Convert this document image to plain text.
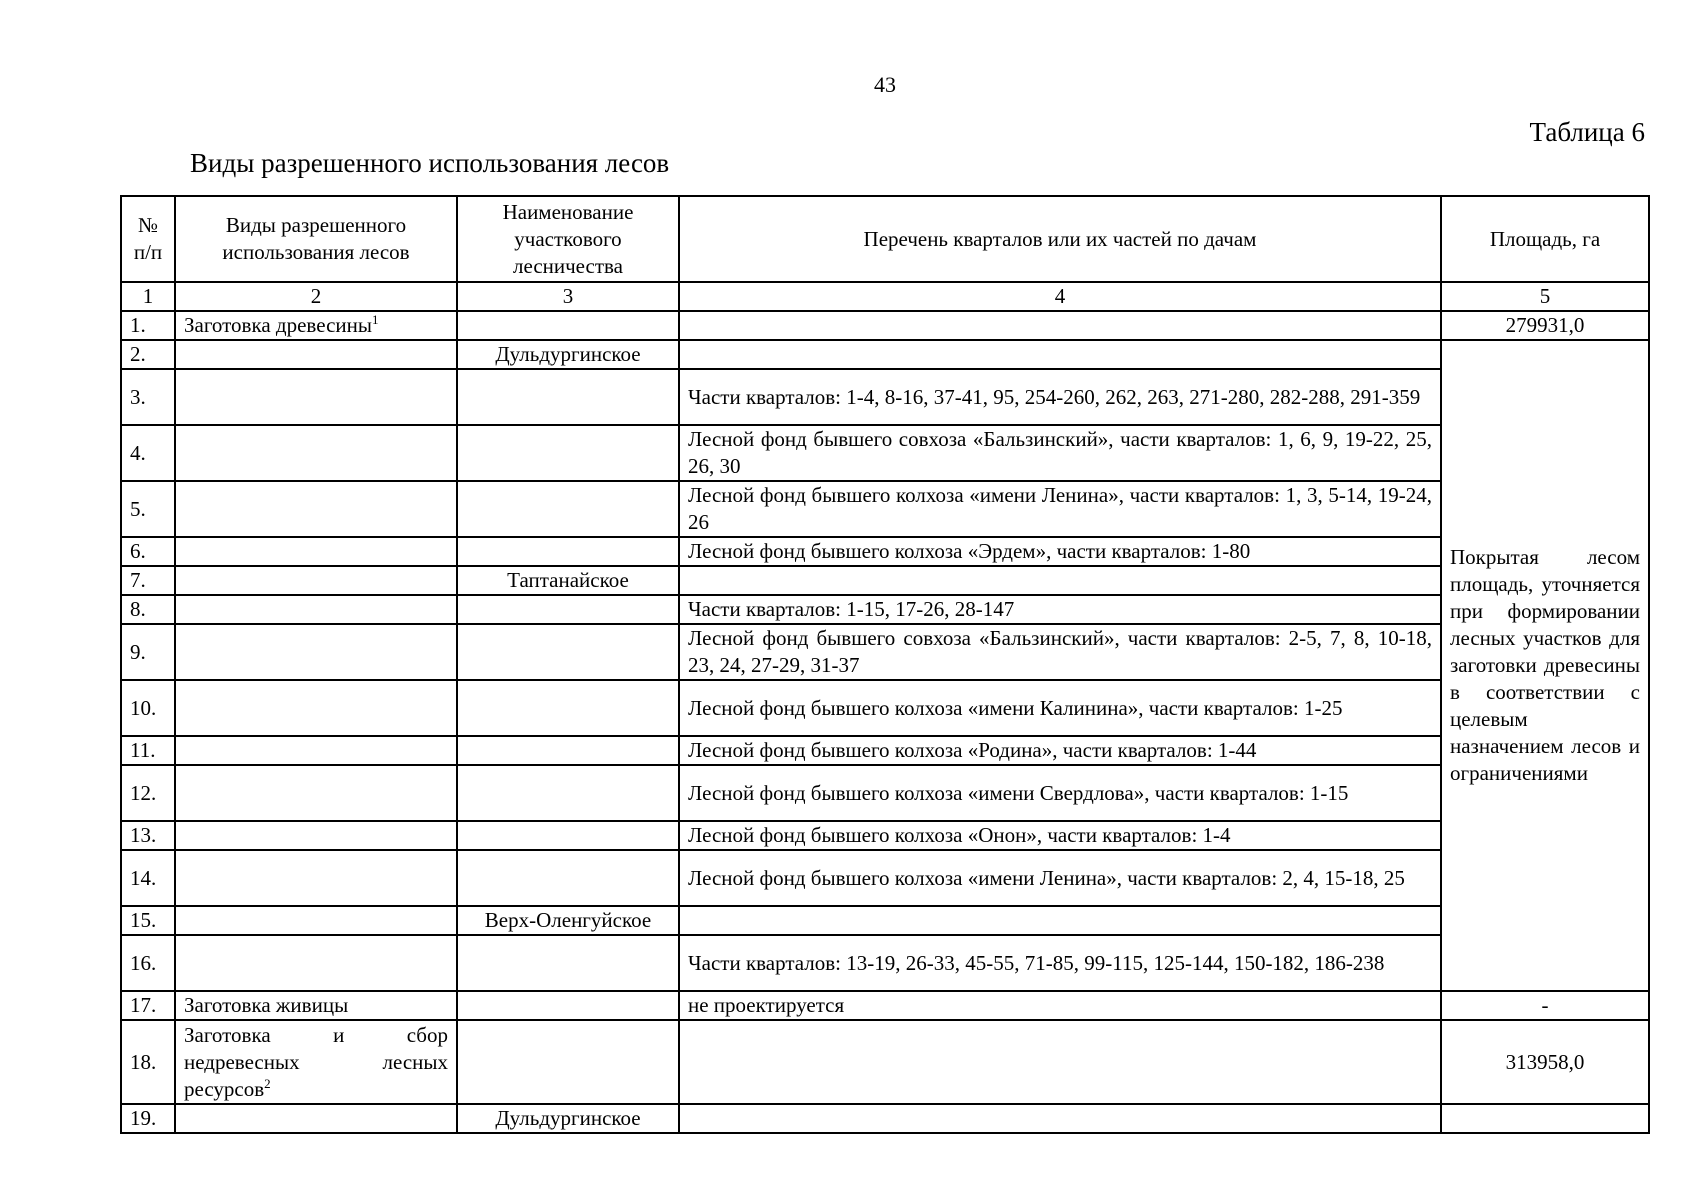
43
Таблица 6
Виды разрешенного использования лесов
№ п/п	Виды разрешенного использования лесов	Наименование участкового лесничества	Перечень кварталов или их частей по дачам	Площадь, га
1	2	3	4	5
1.	Заготовка древесины$^1$			279931,0
2.		Дульдургинское		Покрытая лесом площадь, уточняется при формировании лесных участков для заготовки древесины в соответствии с целевым назначением лесов и ограничениями
3.			Части кварталов: 1-4, 8-16, 37-41, 95, 254-260, 262, 263, 271-280, 282-288, 291-359	
4.			Лесной фонд бывшего совхоза «Бальзинский», части кварталов: 1, 6, 9, 19-22, 25, 26, 30	
5.			Лесной фонд бывшего колхоза «имени Ленина», части кварталов: 1, 3, 5-14, 19-24, 26	
6.			Лесной фонд бывшего колхоза «Эрдем», части кварталов: 1-80	
7.		Таптанайское		
8.			Части кварталов: 1-15, 17-26, 28-147	
9.			Лесной фонд бывшего совхоза «Бальзинский», части кварталов: 2-5, 7, 8, 10-18, 23, 24, 27-29, 31-37	
10.			Лесной фонд бывшего колхоза «имени Калинина», части кварталов: 1-25	
11.			Лесной фонд бывшего колхоза «Родина», части кварталов: 1-44	
12.			Лесной фонд бывшего колхоза «имени Свердлова», части кварталов: 1-15	
13.			Лесной фонд бывшего колхоза «Онон», части кварталов: 1-4	
14.			Лесной фонд бывшего колхоза «имени Ленина», части кварталов: 2, 4, 15-18, 25	
15.		Верх-Оленгуйское		
16.			Части кварталов: 13-19, 26-33, 45-55, 71-85, 99-115, 125-144, 150-182, 186-238	
17.	Заготовка живицы		не проектируется	-
18.	Заготовка и сбор недревесных лесных ресурсов$^2$			313958,0
19.		Дульдургинское		
